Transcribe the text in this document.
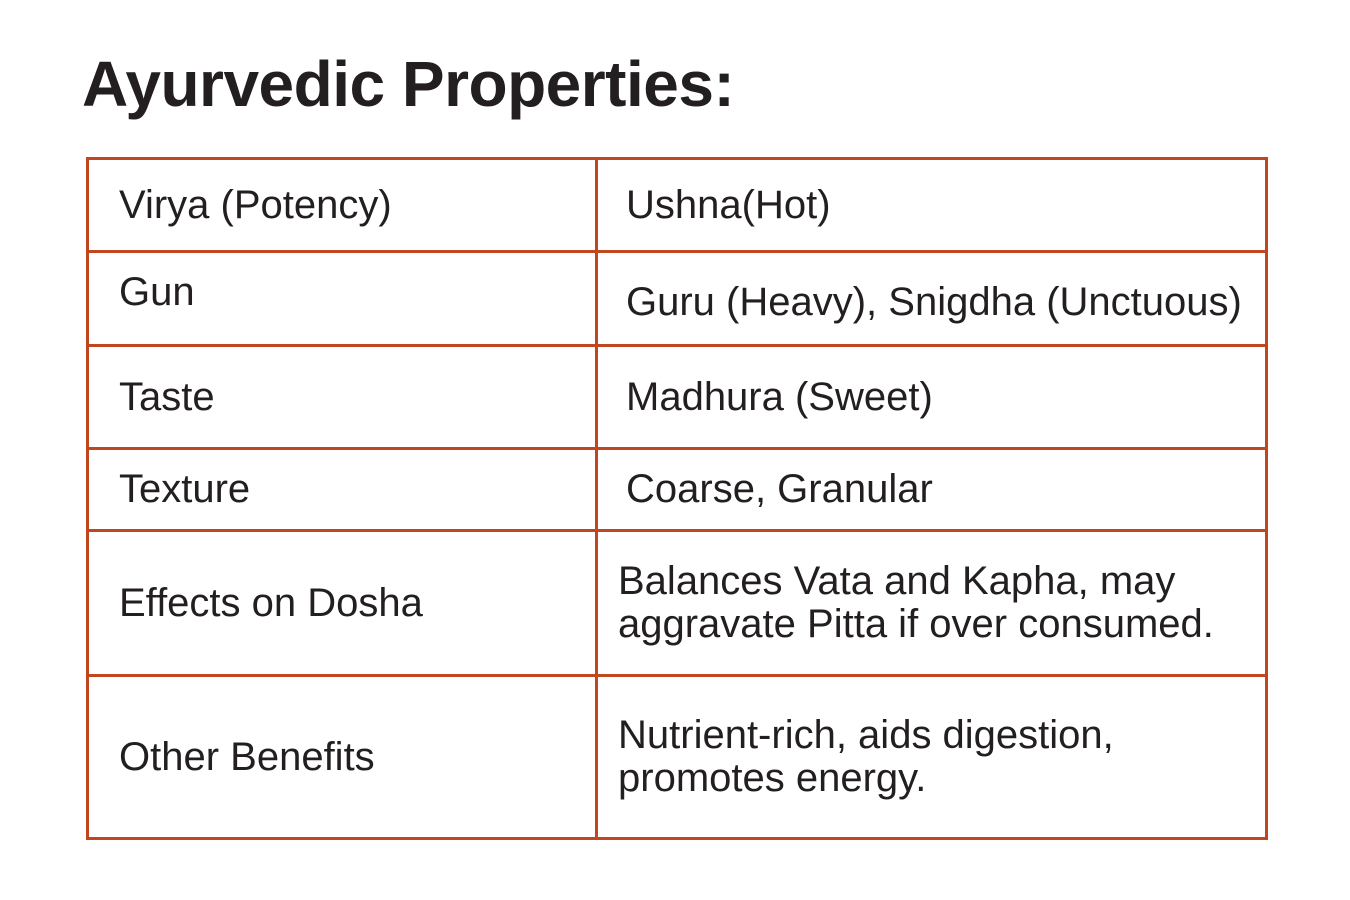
Ayurvedic Properties:
Virya (Potency)	Ushna(Hot)
Gun	Guru (Heavy), Snigdha (Unctuous)
Taste	Madhura (Sweet)
Texture	Coarse, Granular
Effects on Dosha	Balances Vata and Kapha, may aggravate Pitta if over consumed.
Other Benefits	Nutrient-rich, aids digestion, promotes energy.
